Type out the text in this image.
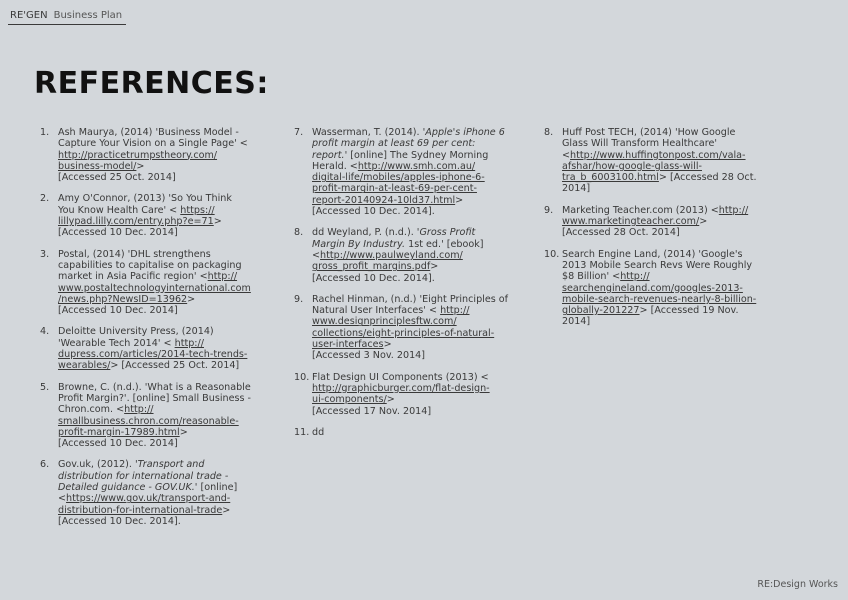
RE'GEN Business Plan
REFERENCES:
1. Ash Maurya, (2014) 'Business Model -
Capture Your Vision on a Single Page' <
http://practicetrumpstheory.com/
business-model/>
[Accessed 25 Oct. 2014]
2. Amy O'Connor, (2013) 'So You Think
You Know Health Care' < https://
lillypad.lilly.com/entry.php?e=71>
[Accessed 10 Dec. 2014]
3. Postal, (2014) 'DHL strengthens
capabilities to capitalise on packaging
market in Asia Pacific region' <http://
www.postaltechnologyinternational.com
/news.php?NewsID=13962>
[Accessed 10 Dec. 2014]
4. Deloitte University Press, (2014)
'Wearable Tech 2014' < http://
dupress.com/articles/2014-tech-trends-
wearables/> [Accessed 25 Oct. 2014]
5. Browne, C. (n.d.). 'What is a Reasonable
Profit Margin?'. [online] Small Business -
Chron.com. <http://
smallbusiness.chron.com/reasonable-
profit-margin-17989.html>
[Accessed 10 Dec. 2014]
6. Gov.uk, (2012). 'Transport and
distribution for international trade -
Detailed guidance - GOV.UK.' [online]
<https://www.gov.uk/transport-and-
distribution-for-international-trade>
[Accessed 10 Dec. 2014].
7. Wasserman, T. (2014). 'Apple's iPhone 6
profit margin at least 69 per cent:
report.' [online] The Sydney Morning
Herald. <http://www.smh.com.au/
digital-life/mobiles/apples-iphone-6-
profit-margin-at-least-69-per-cent-
report-20140924-10ld37.html>
[Accessed 10 Dec. 2014].
8. dd Weyland, P. (n.d.). 'Gross Profit
Margin By Industry. 1st ed.' [ebook]
<http://www.paulweyland.com/
gross_profit_margins.pdf>
[Accessed 10 Dec. 2014].
9. Rachel Hinman, (n.d.) 'Eight Principles of
Natural User Interfaces' < http://
www.designprinciplesftw.com/
collections/eight-principles-of-natural-
user-interfaces>
[Accessed 3 Nov. 2014]
10. Flat Design UI Components (2013) <
http://graphicburger.com/flat-design-
ui-components/>
[Accessed 17 Nov. 2014]
11. dd
8. Huff Post TECH, (2014) 'How Google
Glass Will Transform Healthcare'
<http://www.huffingtonpost.com/vala-
afshar/how-google-glass-will-
tra_b_6003100.html> [Accessed 28 Oct.
2014]
9. Marketing Teacher.com (2013) <http://
www.marketingteacher.com/>
[Accessed 28 Oct. 2014]
10. Search Engine Land, (2014) 'Google's
2013 Mobile Search Revs Were Roughly
$8 Billion' <http://
searchengineland.com/googles-2013-
mobile-search-revenues-nearly-8-billion-
globally-201227> [Accessed 19 Nov.
2014]
RE:Design Works
